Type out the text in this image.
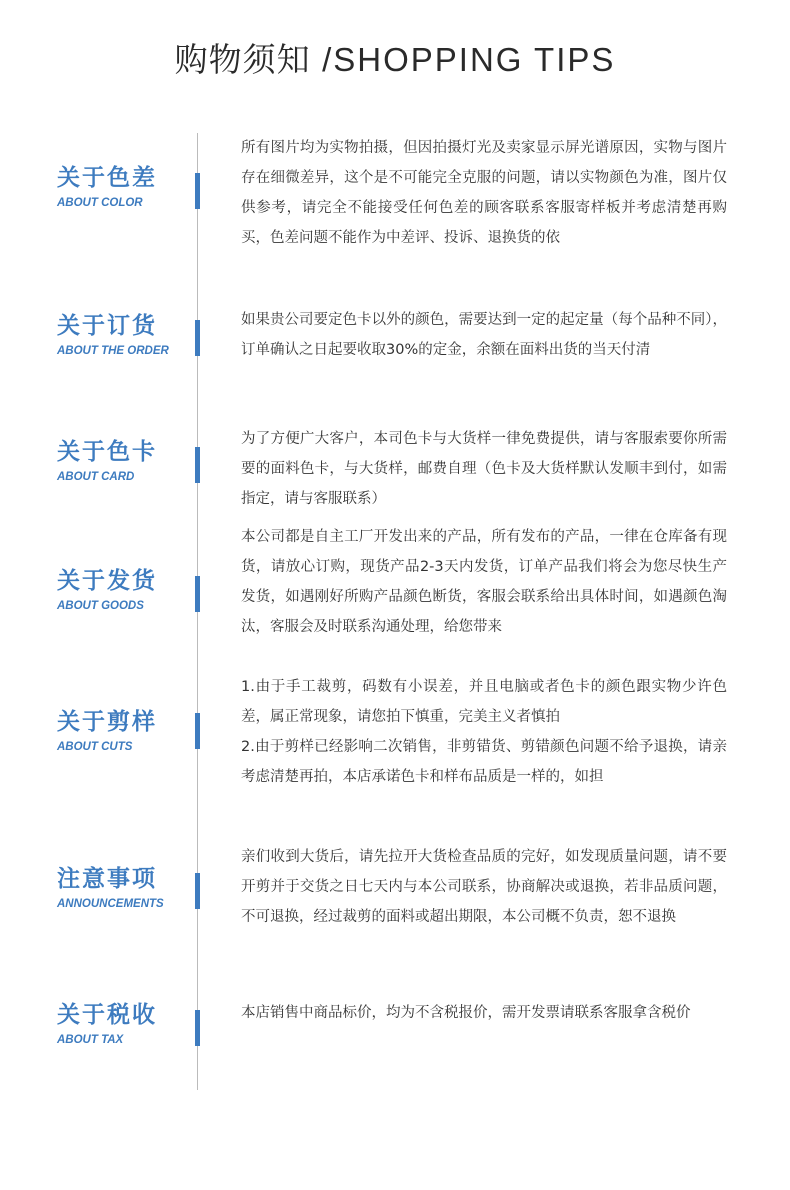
购物须知 /SHOPPING TIPS
关于色差
ABOUT COLOR

所有图片均为实物拍摄，但因拍摄灯光及卖家显示屏光谱原因，实物与图片存在细微差异，这个是不可能完全克服的问题，请以实物颜色为准，图片仅供参考，请完全不能接受任何色差的顾客联系客服寄样板并考虑清楚再购买，色差问题不能作为中差评、投诉、退换货的依

关于订货
ABOUT THE ORDER

如果贵公司要定色卡以外的颜色，需要达到一定的起定量（每个品种不同），订单确认之日起要收取30%的定金，余额在面料出货的当天付清

关于色卡
ABOUT CARD

为了方便广大客户，本司色卡与大货样一律免费提供，请与客服索要你所需要的面料色卡，与大货样，邮费自理（色卡及大货样默认发顺丰到付，如需指定，请与客服联系）

关于发货
ABOUT GOODS

本公司都是自主工厂开发出来的产品，所有发布的产品，一律在仓库备有现货，请放心订购，现货产品2-3天内发货，订单产品我们将会为您尽快生产发货，如遇刚好所购产品颜色断货，客服会联系给出具体时间，如遇颜色淘汰，客服会及时联系沟通处理，给您带来

关于剪样
ABOUT CUTS

1.由于手工裁剪，码数有小误差，并且电脑或者色卡的颜色跟实物少许色差，属正常现象，请您拍下慎重，完美主义者慎拍

2.由于剪样已经影响二次销售，非剪错货、剪错颜色问题不给予退换，请亲考虑清楚再拍，本店承诺色卡和样布品质是一样的，如担

注意事项
ANNOUNCEMENTS

亲们收到大货后，请先拉开大货检查品质的完好，如发现质量问题，请不要开剪并于交货之日七天内与本公司联系，协商解决或退换，若非品质问题，不可退换，经过裁剪的面料或超出期限，本公司概不负责，恕不退换

关于税收
ABOUT TAX

本店销售中商品标价，均为不含税报价，需开发票请联系客服拿含税价
